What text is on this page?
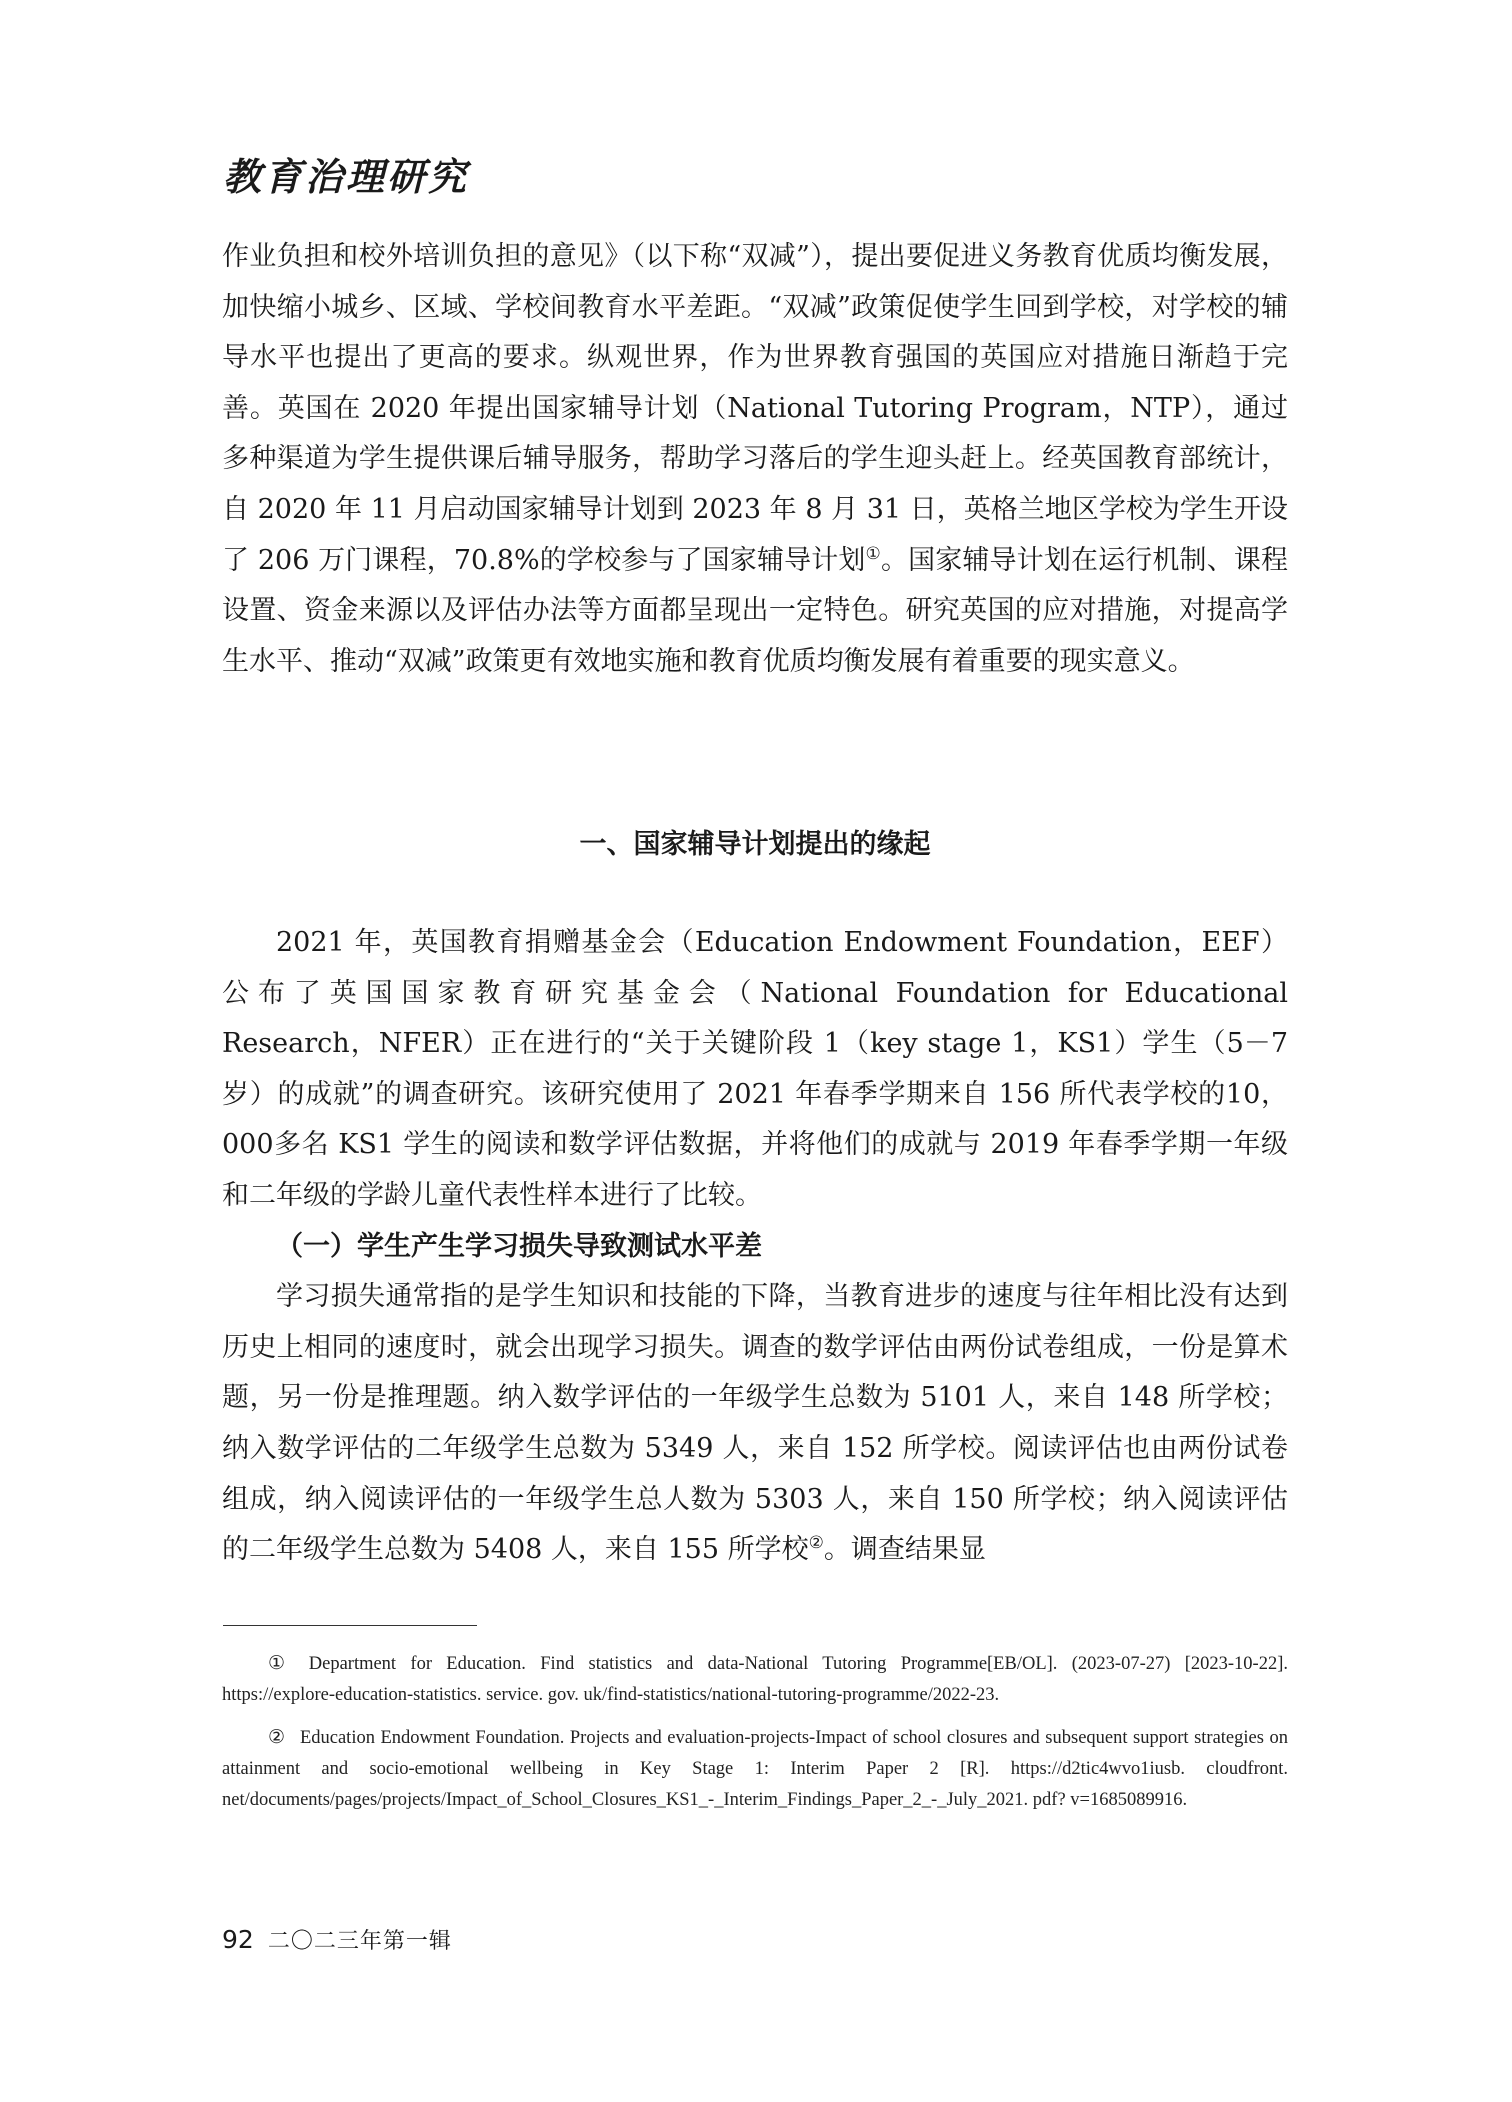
教育治理研究

作业负担和校外培训负担的意见》（以下称“双减”），提出要促进义务教育优质均衡发展，加快缩小城乡、区域、学校间教育水平差距。“双减”政策促使学生回到学校，对学校的辅导水平也提出了更高的要求。纵观世界，作为世界教育强国的英国应对措施日渐趋于完善。英国在 2020 年提出国家辅导计划（National Tutoring Program，NTP），通过多种渠道为学生提供课后辅导服务，帮助学习落后的学生迎头赶上。经英国教育部统计，自 2020 年 11 月启动国家辅导计划到 2023 年 8 月 31 日，英格兰地区学校为学生开设了 206 万门课程，70.8%的学校参与了国家辅导计划①。国家辅导计划在运行机制、课程设置、资金来源以及评估办法等方面都呈现出一定特色。研究英国的应对措施，对提高学生水平、推动“双减”政策更有效地实施和教育优质均衡发展有着重要的现实意义。

一、国家辅导计划提出的缘起

2021 年，英国教育捐赠基金会（Education Endowment Foundation，EEF）公布了英国国家教育研究基金会（National Foundation for Educational Research，NFER）正在进行的“关于关键阶段 1（key stage 1，KS1）学生（5－7 岁）的成就”的调查研究。该研究使用了 2021 年春季学期来自 156 所代表学校的10，000多名 KS1 学生的阅读和数学评估数据，并将他们的成就与 2019 年春季学期一年级和二年级的学龄儿童代表性样本进行了比较。

（一）学生产生学习损失导致测试水平差

学习损失通常指的是学生知识和技能的下降，当教育进步的速度与往年相比没有达到历史上相同的速度时，就会出现学习损失。调查的数学评估由两份试卷组成，一份是算术题，另一份是推理题。纳入数学评估的一年级学生总数为 5101 人，来自 148 所学校；纳入数学评估的二年级学生总数为 5349 人，来自 152 所学校。阅读评估也由两份试卷组成，纳入阅读评估的一年级学生总人数为 5303 人，来自 150 所学校；纳入阅读评估的二年级学生总数为 5408 人，来自 155 所学校②。调查结果显

① Department for Education. Find statistics and data-National Tutoring Programme[EB/OL]. (2023-07-27) [2023-10-22]. https://explore-education-statistics. service. gov. uk/find-statistics/national-tutoring-programme/2022-23.

② Education Endowment Foundation. Projects and evaluation-projects-Impact of school closures and subsequent support strategies on attainment and socio-emotional wellbeing in Key Stage 1: Interim Paper 2 [R]. https://d2tic4wvo1iusb. cloudfront. net/documents/pages/projects/Impact_of_School_Closures_KS1_-_Interim_Findings_Paper_2_-_July_2021. pdf? v=1685089916.

92 二〇二三年第一辑
